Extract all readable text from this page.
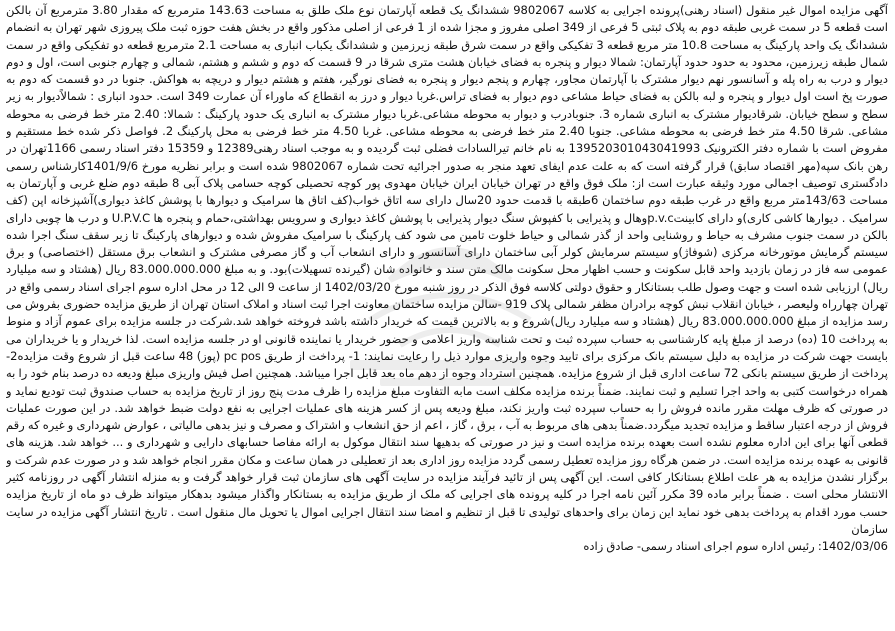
آگهی مزایده اموال غیر منقول (اسناد رهنی)پرونده اجرایی به کلاسه 9802067 ششدانگ یک قطعه آپارتمان نوع ملک طلق به مساحت 143.63 مترمربع که مقدار 3.80 مترمربع آن بالکن است قطعه 5 در سمت غربی طبقه دوم به پلاک ثبتی 5 فرعی از 349 اصلی مفروز و مجزا شده از 1 فرعی از اصلی مذکور واقع در بخش هفت حوزه ثبت ملک پیروزی شهر تهران به انضمام ششدانگ یک واحد پارکینگ به مساحت 10.8 متر مربع قطعه 3 تفکیکی واقع در سمت شرق طبقه زیرزمین و ششدانگ یکباب انباری به مساحت 2.1 مترمربع قطعه دو تفکیکی واقع در سمت شمال طبقه زیرزمین، محدود به حدود حدود آپارتمان: شمالا دیوار و پنجره به فضای خیابان هشت متری شرقا در 9 قسمت که دوم و ششم و هشتم، شمالی و چهارم جنوبی است، اول و دوم دیوار و درب به راه پله و آسانسور نهم دیوار مشترک با آپارتمان مجاور، چهارم و پنجم دیوار و پنجره به فضای نورگیر، هفتم و هشتم دیوار و دریچه به هواکش. جنوبا در دو قسمت که دوم به صورت پخ است اول دیوار و پنجره و لبه بالکن به فضای حیاط مشاعی دوم دیوار به فضای تراس.غربا دیوار و درز به انقطاع که ماوراء آن عمارت 349 است. حدود انباری : شمالاًدیوار به زیر سطح و سطح خیابان. شرقادیوار مشترک به انباری شماره 3. جنوبادرب و دیوار به محوطه مشاعی.غربا دیوار مشترک به انباری یک حدود پارکینگ : شمالا: 2.40 متر خط فرضی به محوطه مشاعی. شرقا 4.50 متر خط فرضی به محوطه مشاعی. جنوبا 2.40 متر خط فرضی به محوطه مشاعی. غربا 4.50 متر خط فرضی به محل پارکینگ 2. فواصل ذکر شده خط مستقیم و مفروض است با شماره دفتر الکترونیک 139520301043041993 به نام خانم تیرالسادات فضلی ثبت گردیده و به موجب اسناد رهنی12389 و 15359 دفتر اسناد رسمی 1166تهران در رهن بانک سپه(مهر اقتصاد سابق) قرار گرفته است که به علت عدم ایفای تعهد منجر به صدور اجرائیه تحت شماره 9802067 شده است و برابر نظریه مورخ 1401/9/6کارشناس رسمی دادگستری توصیف اجمالی مورد وثیقه عبارت است از: ملک فوق واقع در تهران خیابان ایران خیابان مهدوی پور کوچه تحصیلی کوچه حسامی پلاک آبی 8 طبقه دوم ضلع غربی و آپارتمان به مساحت 143/63متر مربع واقع در غرب طبقه دوم ساختمان 6طبقه با قدمت حدود 20سال دارای سه اتاق خواب(کف اتاق ها سرامیک و دیوارها با پوشش کاغذ دیواری)آشپزخانه اپن (کف سرامیک . دیوارها کاشی کاری)و دارای کابینتp.v.cوهال و پذیرایی با کفپوش سنگ دیوار پذیرایی با پوشش کاغذ دیواری و سرویس بهداشتی،حمام و پنجره ها U.P.V.C و درب ها چوبی دارای بالکن در سمت جنوب مشرف به حیاط و روشنایی واحد از گذر شمالی و حیاط خلوت تامین می شود کف پارکینگ با سرامیک مفروش شده و دیوارهای پارکینگ تا زیر سقف سنگ اجرا شده سیستم گرمایش موتورخانه مرکزی (شوفاژ)و سیستم سرمایش کولر آبی ساختمان دارای آسانسور و دارای انشعاب آب و گاز مصرفی مشترک و انشعاب برق مستقل (اختصاصی) و برق عمومی سه فاز در زمان بازدید واحد قابل سکونت و حسب اظهار محل سکونت مالک متن سند و خانواده شان (گیرنده تسهیلات)بود. و به مبلغ 83.000.000.000 ریال (هشتاد و سه میلیارد ریال) ارزیابی شده است و جهت وصول طلب بستانکار و حقوق دولتی کلاسه فوق الذکر در روز شنبه مورخ 1402/03/20 از ساعت 9 الی 12 در محل اداره سوم اجرای اسناد رسمی واقع در تهران چهارراه ولیعصر ، خیابان انقلاب نبش کوچه برادران مظفر شمالی پلاک 919 -سالن مزایده ساختمان معاونت اجرا ثبت اسناد و املاک استان تهران از طریق مزایده حضوری بفروش می رسد مزایده از مبلغ 83.000.000.000 ریال (هشتاد و سه میلیارد ریال)شروع و به بالاترین قیمت که خریدار داشته باشد فروخته خواهد شد.شرکت در جلسه مزایده برای عموم آزاد و منوط به پرداخت 10 (ده) درصد از مبلغ پایه کارشناسی به حساب سپرده ثبت و تحت شناسه واریز اعلامی و حضور خریدار یا نماینده قانونی او در جلسه مزایده است. لذا خریدار و یا خریداران می بایست جهت شرکت در مزایده به دلیل سیستم بانک مرکزی برای تایید وجوه واریزی موارد ذیل را رعایت نمایند: 1- پرداخت از طریق pc pos (پوز) 48 ساعت قبل از شروع وقت مزایده2- پرداخت از طریق سیستم بانکی 72 ساعت اداری قبل از شروع مزایده. همچنین استرداد وجوه از دهم ماه بعد قابل اجرا میباشد. همچنین اصل فیش واریزی مبلغ ودیعه ده درصد بنام خود را به همراه درخواست کتبی به واحد اجرا تسلیم و ثبت نمایند. ضمناً برنده مزایده مکلف است مابه التفاوت مبلغ مزایده را ظرف مدت پنج روز از تاریخ مزایده به حساب صندوق ثبت تودیع نماید و در صورتی که ظرف مهلت مقرر مانده فروش را به حساب سپرده ثبت واریز نکند، مبلغ ودیعه پس از کسر هزینه های عملیات اجرایی به نفع دولت ضبط خواهد شد. در این صورت عملیات فروش از درجه اعتبار ساقط و مزایده تجدید میگردد.ضمناً بدهی های مربوط به آب ، برق ، گاز ، اعم از حق انشعاب و اشتراک و مصرف و نیز بدهی مالیاتی ، عوارض شهرداری و غیره که رقم قطعی آنها برای این اداره معلوم نشده است بعهده برنده مزایده است و نیز در صورتی که بدهیها سند انتقال موکول به ارائه مفاصا حسابهای دارایی و شهرداری و ... خواهد شد. هزینه های قانونی به عهده برنده مزایده است. در ضمن هرگاه روز مزایده تعطیل رسمی گردد مزایده روز اداری بعد از تعطیلی در همان ساعت و مکان مقرر انجام خواهد شد و در صورت عدم شرکت و برگزار نشدن مزایده به هر علت اطلاع بستانکار کافی است. این آگهی پس از تائید فرآیند مزایده در سایت آگهی های سازمان ثبت قرار خواهد گرفت و به منزله انتشار آگهی در روزنامه کثیر الانتشار محلی است . ضمناً برابر ماده 39 مکرر آئین نامه اجرا در کلیه پرونده های اجرایی که ملک از طریق مزایده به بستانکار واگذار میشود بدهکار میتواند ظرف دو ماه از تاریخ مزایده حسب مورد اقدام به پرداخت بدهی خود نماید این زمان برای واحدهای تولیدی تا قبل از تنظیم و امضا سند انتقال اجرایی اموال یا تحویل مال منقول است . تاریخ انتشار آگهی مزایده در سایت سازمان
1402/03/06: رئیس اداره سوم اجرای اسناد رسمی- صادق زاده
